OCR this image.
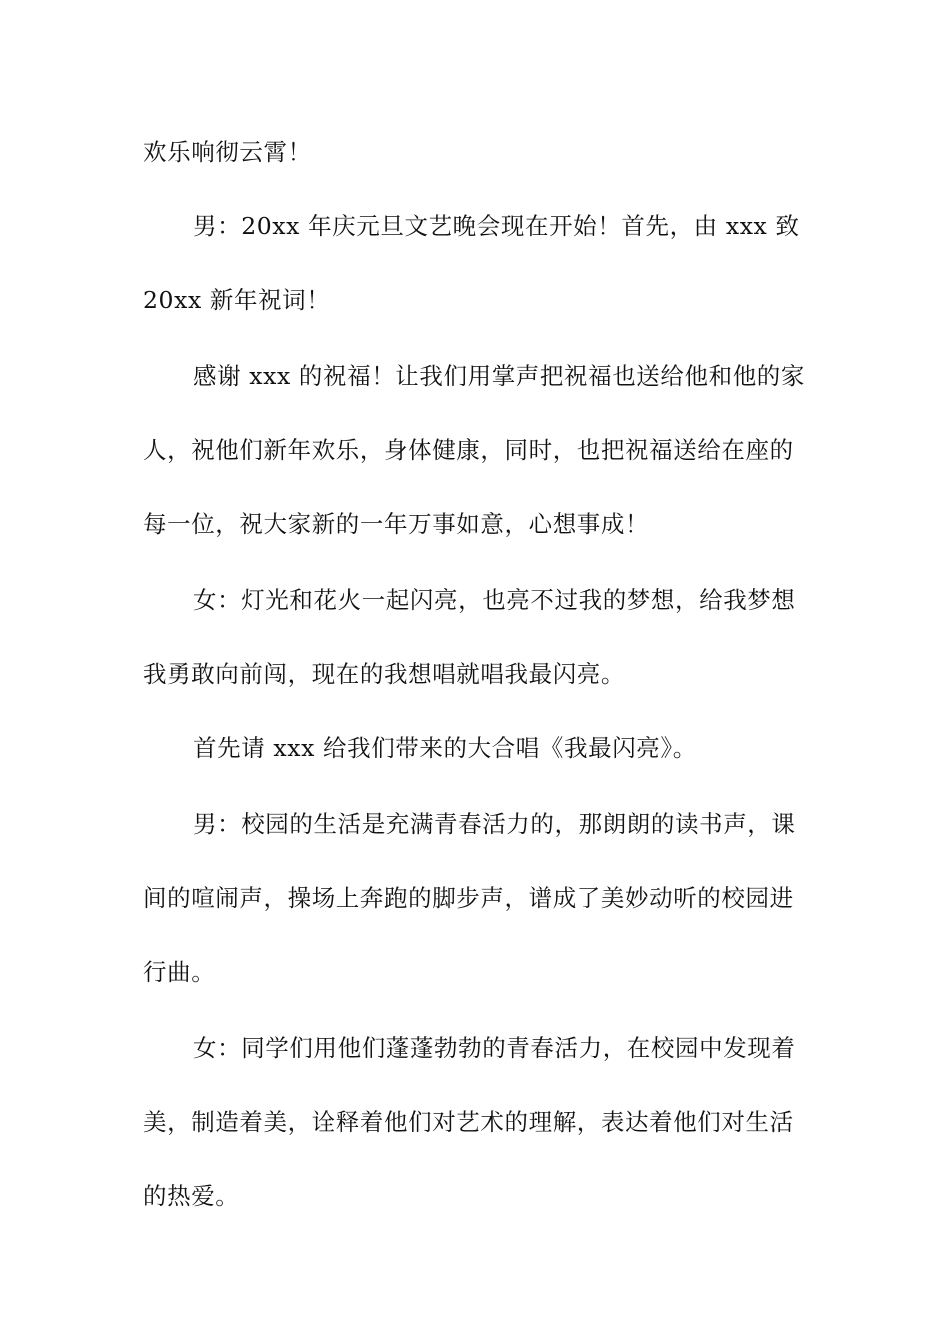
欢乐响彻云霄！
男：20xx 年庆元旦文艺晚会现在开始！首先，由 xxx 致
20xx 新年祝词！
感谢 xxx 的祝福！让我们用掌声把祝福也送给他和他的家
人，祝他们新年欢乐，身体健康，同时，也把祝福送给在座的
每一位，祝大家新的一年万事如意，心想事成！
女：灯光和花火一起闪亮，也亮不过我的梦想，给我梦想
我勇敢向前闯，现在的我想唱就唱我最闪亮。
首先请 xxx 给我们带来的大合唱《我最闪亮》。
男：校园的生活是充满青春活力的，那朗朗的读书声，课
间的喧闹声，操场上奔跑的脚步声，谱成了美妙动听的校园进
行曲。
女：同学们用他们蓬蓬勃勃的青春活力，在校园中发现着
美，制造着美，诠释着他们对艺术的理解，表达着他们对生活
的热爱。
